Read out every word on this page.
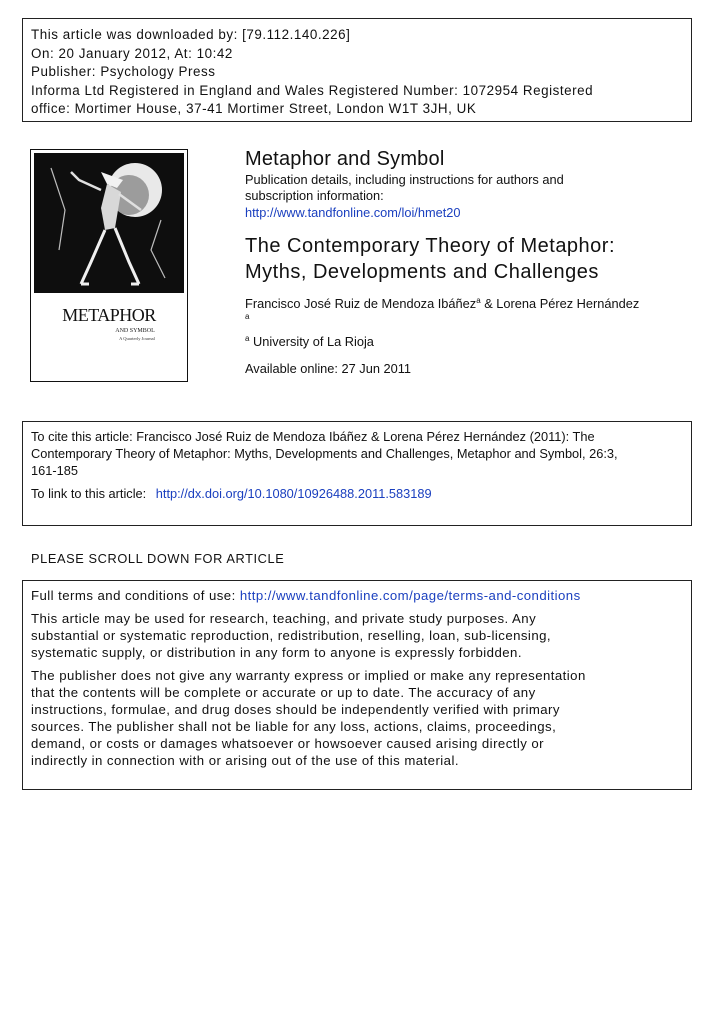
This article was downloaded by: [79.112.140.226]
On: 20 January 2012, At: 10:42
Publisher: Psychology Press
Informa Ltd Registered in England and Wales Registered Number: 1072954 Registered
office: Mortimer House, 37-41 Mortimer Street, London W1T 3JH, UK
METAPHOR
AND SYMBOL
A Quarterly Journal
Metaphor and Symbol
Publication details, including instructions for authors and
subscription information:
http://www.tandfonline.com/loi/hmet20
The Contemporary Theory of Metaphor:
Myths, Developments and Challenges
Francisco José Ruiz de Mendoza Ibáñez$^a$ & Lorena Pérez Hernández
a
$^a$ University of La Rioja
Available online: 27 Jun 2011
To cite this article: Francisco José Ruiz de Mendoza Ibáñez & Lorena Pérez Hernández (2011): The
Contemporary Theory of Metaphor: Myths, Developments and Challenges, Metaphor and Symbol, 26:3,
161-185
To link to this article: http://dx.doi.org/10.1080/10926488.2011.583189
PLEASE SCROLL DOWN FOR ARTICLE
Full terms and conditions of use: http://www.tandfonline.com/page/terms-and-conditions
This article may be used for research, teaching, and private study purposes. Any
substantial or systematic reproduction, redistribution, reselling, loan, sub-licensing,
systematic supply, or distribution in any form to anyone is expressly forbidden.
The publisher does not give any warranty express or implied or make any representation
that the contents will be complete or accurate or up to date. The accuracy of any
instructions, formulae, and drug doses should be independently verified with primary
sources. The publisher shall not be liable for any loss, actions, claims, proceedings,
demand, or costs or damages whatsoever or howsoever caused arising directly or
indirectly in connection with or arising out of the use of this material.
